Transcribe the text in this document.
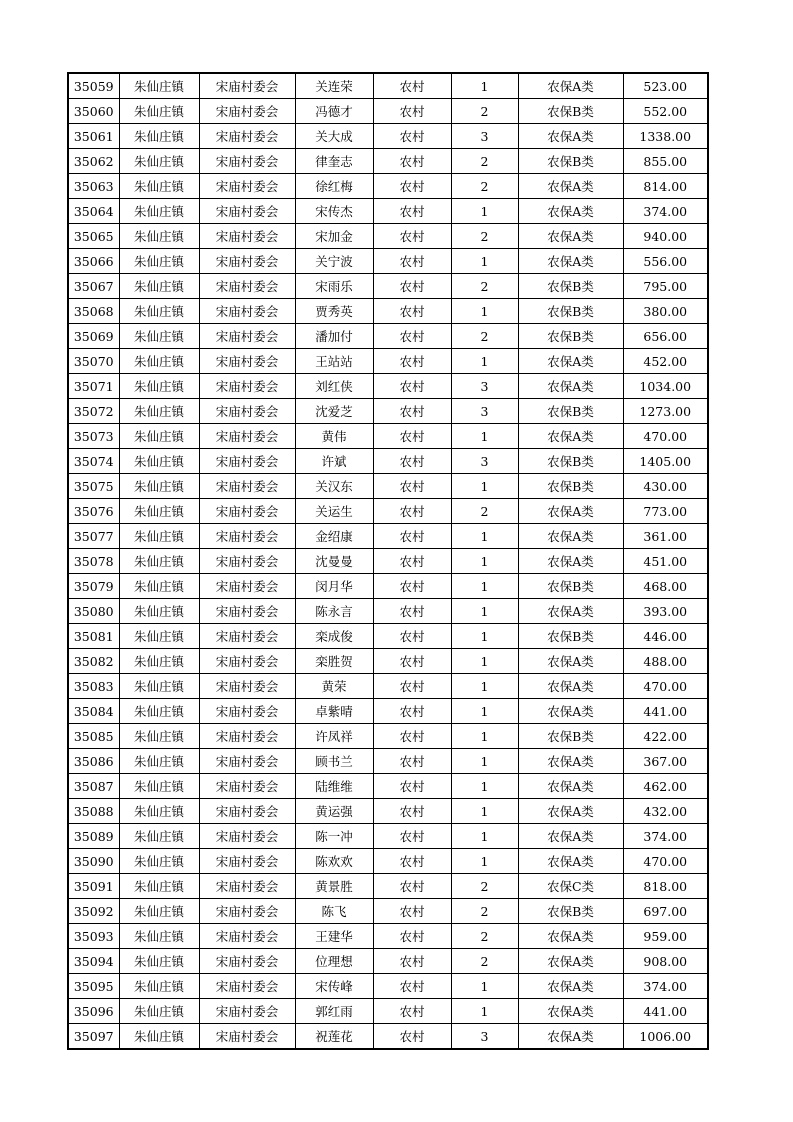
35059	朱仙庄镇	宋庙村委会	关连荣	农村	1	农保A类	523.00
35060	朱仙庄镇	宋庙村委会	冯德才	农村	2	农保B类	552.00
35061	朱仙庄镇	宋庙村委会	关大成	农村	3	农保A类	1338.00
35062	朱仙庄镇	宋庙村委会	律奎志	农村	2	农保B类	855.00
35063	朱仙庄镇	宋庙村委会	徐红梅	农村	2	农保A类	814.00
35064	朱仙庄镇	宋庙村委会	宋传杰	农村	1	农保A类	374.00
35065	朱仙庄镇	宋庙村委会	宋加金	农村	2	农保A类	940.00
35066	朱仙庄镇	宋庙村委会	关宁波	农村	1	农保A类	556.00
35067	朱仙庄镇	宋庙村委会	宋雨乐	农村	2	农保B类	795.00
35068	朱仙庄镇	宋庙村委会	贾秀英	农村	1	农保B类	380.00
35069	朱仙庄镇	宋庙村委会	潘加付	农村	2	农保B类	656.00
35070	朱仙庄镇	宋庙村委会	王站站	农村	1	农保A类	452.00
35071	朱仙庄镇	宋庙村委会	刘红侠	农村	3	农保A类	1034.00
35072	朱仙庄镇	宋庙村委会	沈爱芝	农村	3	农保B类	1273.00
35073	朱仙庄镇	宋庙村委会	黄伟	农村	1	农保A类	470.00
35074	朱仙庄镇	宋庙村委会	许斌	农村	3	农保B类	1405.00
35075	朱仙庄镇	宋庙村委会	关汉东	农村	1	农保B类	430.00
35076	朱仙庄镇	宋庙村委会	关运生	农村	2	农保A类	773.00
35077	朱仙庄镇	宋庙村委会	金绍康	农村	1	农保A类	361.00
35078	朱仙庄镇	宋庙村委会	沈曼曼	农村	1	农保A类	451.00
35079	朱仙庄镇	宋庙村委会	闵月华	农村	1	农保B类	468.00
35080	朱仙庄镇	宋庙村委会	陈永言	农村	1	农保A类	393.00
35081	朱仙庄镇	宋庙村委会	栾成俊	农村	1	农保B类	446.00
35082	朱仙庄镇	宋庙村委会	栾胜贺	农村	1	农保A类	488.00
35083	朱仙庄镇	宋庙村委会	黄荣	农村	1	农保A类	470.00
35084	朱仙庄镇	宋庙村委会	卓紫晴	农村	1	农保A类	441.00
35085	朱仙庄镇	宋庙村委会	许凤祥	农村	1	农保B类	422.00
35086	朱仙庄镇	宋庙村委会	顾书兰	农村	1	农保A类	367.00
35087	朱仙庄镇	宋庙村委会	陆维维	农村	1	农保A类	462.00
35088	朱仙庄镇	宋庙村委会	黄运强	农村	1	农保A类	432.00
35089	朱仙庄镇	宋庙村委会	陈一冲	农村	1	农保A类	374.00
35090	朱仙庄镇	宋庙村委会	陈欢欢	农村	1	农保A类	470.00
35091	朱仙庄镇	宋庙村委会	黄景胜	农村	2	农保C类	818.00
35092	朱仙庄镇	宋庙村委会	陈飞	农村	2	农保B类	697.00
35093	朱仙庄镇	宋庙村委会	王建华	农村	2	农保A类	959.00
35094	朱仙庄镇	宋庙村委会	位理想	农村	2	农保A类	908.00
35095	朱仙庄镇	宋庙村委会	宋传峰	农村	1	农保A类	374.00
35096	朱仙庄镇	宋庙村委会	郭红雨	农村	1	农保A类	441.00
35097	朱仙庄镇	宋庙村委会	祝莲花	农村	3	农保A类	1006.00
